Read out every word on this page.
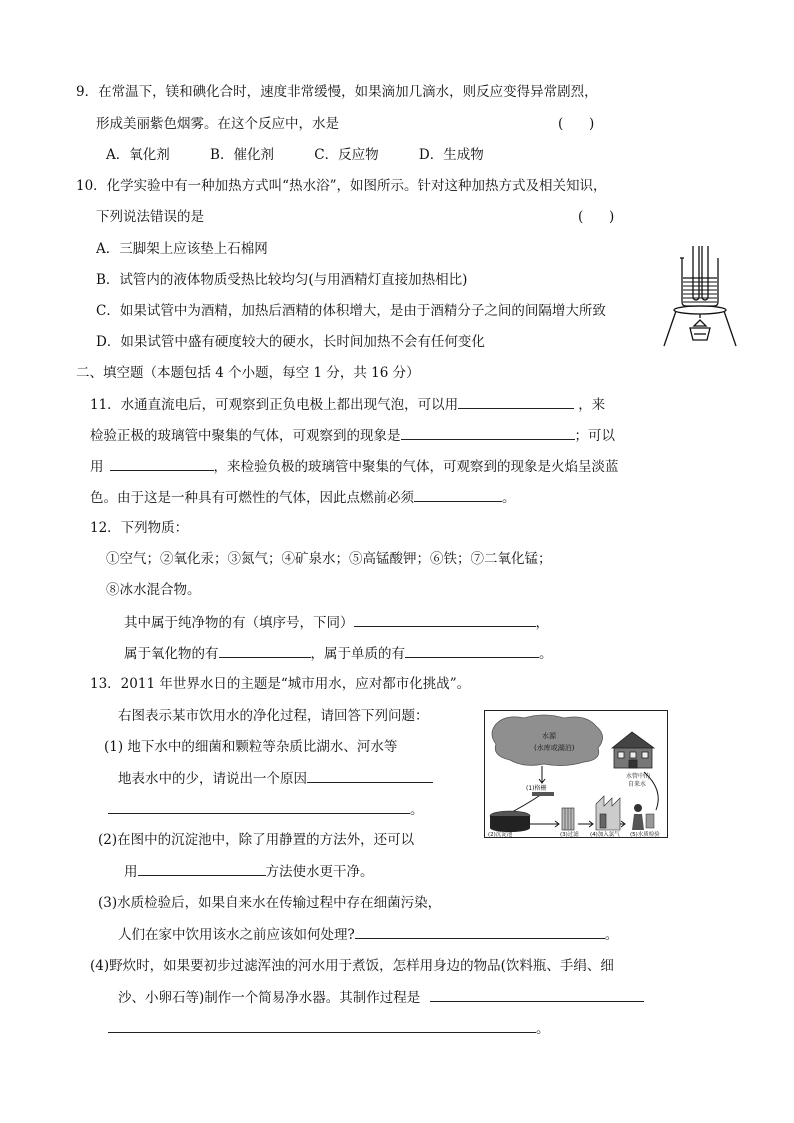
9．在常温下，镁和碘化合时，速度非常缓慢，如果滴加几滴水，则反应变得异常剧烈，
形成美丽紫色烟雾。在这个反应中，水是	(      )
A．氧化剂	B．催化剂	C．反应物	D．生成物
10．化学实验中有一种加热方式叫“热水浴”，如图所示。针对这种加热方式及相关知识，
下列说法错误的是	(      )
A．三脚架上应该垫上石棉网
B．试管内的液体物质受热比较均匀(与用酒精灯直接加热相比)
C．如果试管中为酒精，加热后酒精的体积增大，是由于酒精分子之间的间隔增大所致
D．如果试管中盛有硬度较大的硬水，长时间加热不会有任何变化
二、填空题（本题包括 4 个小题，每空 1 分，共 16 分）
11．水通直流电后，可观察到正负电极上都出现气泡，可以用	，来
检验正极的玻璃管中聚集的气体，可观察到的现象是	；可以
用	，来检验负极的玻璃管中聚集的气体，可观察到的现象是火焰呈淡蓝
色。由于这是一种具有可燃性的气体，因此点燃前必须	。
12．下列物质：
①空气；②氧化汞；③氮气；④矿泉水；⑤高锰酸钾；⑥铁；⑦二氧化锰；
⑧冰水混合物。
其中属于纯净物的有（填序号，下同）	，
属于氧化物的有	，属于单质的有	。
13．2011 年世界水日的主题是“城市用水，应对都市化挑战”。
右图表示某市饮用水的净化过程，请回答下列问题：
(1) 地下水中的细菌和颗粒等杂质比湖水、河水等
地表水中的少，请说出一个原因
。
(2)在图中的沉淀池中，除了用静置的方法外，还可以
用	方法使水更干净。
(3)水质检验后，如果自来水在传输过程中存在细菌污染，
人们在家中饮用该水之前应该如何处理?	。
(4)野炊时，如果要初步过滤浑浊的河水用于煮饭，怎样用身边的物品(饮料瓶、手绢、细
沙、小卵石等)制作一个简易净水器。其制作过程是
。
水源
(水库或湖泊)
水管中的
自来水
(1)格栅
(2)沉淀池	(3)过滤 (4)加入氯气 (5)水质检验
